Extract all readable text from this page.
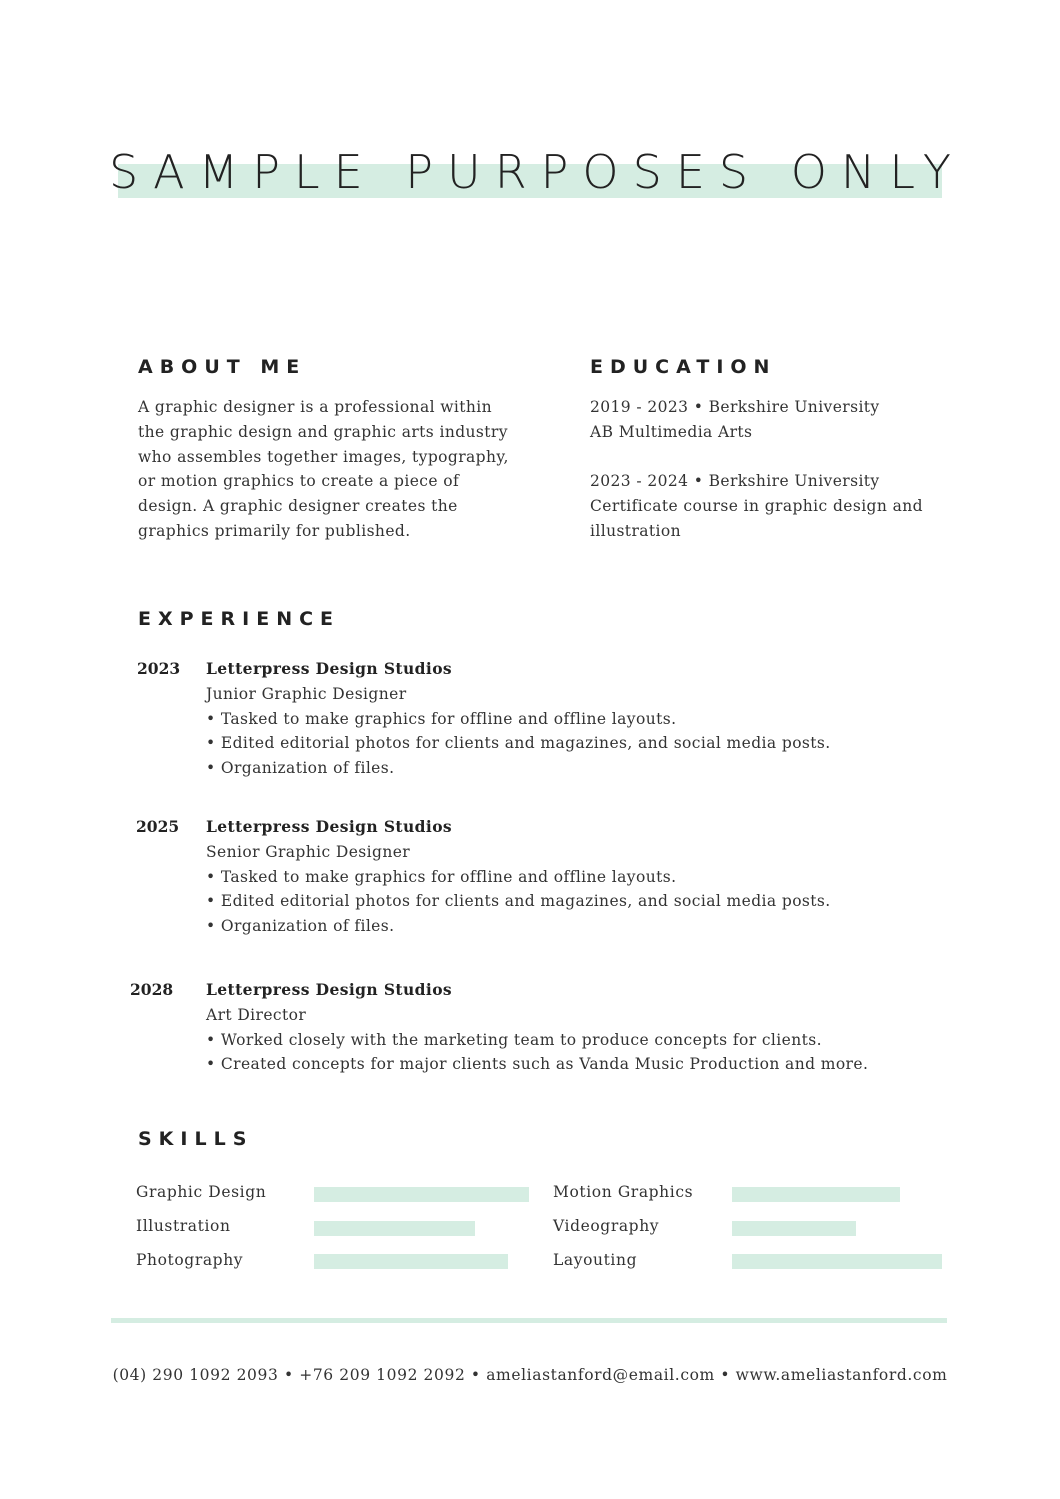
SAMPLE PURPOSES ONLY
ABOUT ME
A graphic designer is a professional within
the graphic design and graphic arts industry
who assembles together images, typography,
or motion graphics to create a piece of
design. A graphic designer creates the
graphics primarily for published.
EDUCATION
2019 - 2023 • Berkshire University
AB Multimedia Arts
2023 - 2024 • Berkshire University
Certificate course in graphic design and
illustration
EXPERIENCE
2023 Letterpress Design Studios
Junior Graphic Designer
• Tasked to make graphics for offline and offline layouts.
• Edited editorial photos for clients and magazines, and social media posts.
• Organization of files.
2025 Letterpress Design Studios
Senior Graphic Designer
• Tasked to make graphics for offline and offline layouts.
• Edited editorial photos for clients and magazines, and social media posts.
• Organization of files.
2028 Letterpress Design Studios
Art Director
• Worked closely with the marketing team to produce concepts for clients.
• Created concepts for major clients such as Vanda Music Production and more.
SKILLS
Graphic Design
Illustration
Photography
Motion Graphics
Videography
Layouting
(04) 290 1092 2093 • +76 209 1092 2092 • ameliastanford@email.com • www.ameliastanford.com
